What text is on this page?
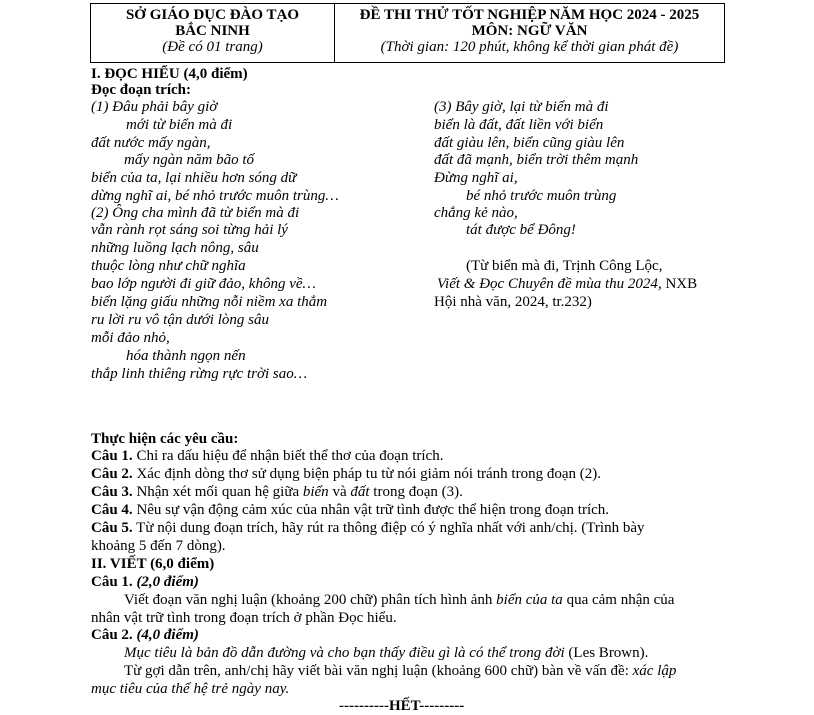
SỞ GIÁO DỤC ĐÀO TẠO
BẮC NINH
(Đề có 01 trang)
ĐỀ THI THỬ TỐT NGHIỆP NĂM HỌC 2024 - 2025
MÔN: NGỮ VĂN
(Thời gian: 120 phút, không kể thời gian phát đề)
I. ĐỌC HIỂU (4,0 điểm)
Đọc đoạn trích:
(1) Đâu phải bây giờ
mới từ biển mà đi
đất nước mấy ngàn,
mấy ngàn năm bão tố
biển của ta, lại nhiều hơn sóng dữ
dừng nghĩ ai, bé nhỏ trước muôn trùng…
(2) Ông cha mình đã từ biển mà đi
vẫn rành rọt sáng soi từng hải lý
những luồng lạch nông, sâu
thuộc lòng như chữ nghĩa
bao lớp người đi giữ đảo, không về…
biển lặng giấu những nỗi niềm xa thẳm
ru lời ru vô tận dưới lòng sâu
mỗi đảo nhỏ,
hóa thành ngọn nến
thắp linh thiêng rừng rực trời sao…
(3) Bây giờ, lại từ biển mà đi
biển là đất, đất liền với biển
đất giàu lên, biển cũng giàu lên
đất đã mạnh, biển trời thêm mạnh
Đừng nghĩ ai,
bé nhỏ trước muôn trùng
chẳng kẻ nào,
tát được bể Đông!
(Từ biển mà đi, Trịnh Công Lộc,
Viết & Đọc Chuyên đề mùa thu 2024, NXB
Hội nhà văn, 2024, tr.232)
Thực hiện các yêu cầu:
Câu 1. Chỉ ra dấu hiệu để nhận biết thể thơ của đoạn trích.
Câu 2. Xác định dòng thơ sử dụng biện pháp tu từ nói giảm nói tránh trong đoạn (2).
Câu 3. Nhận xét mối quan hệ giữa biển và đất trong đoạn (3).
Câu 4. Nêu sự vận động cảm xúc của nhân vật trữ tình được thể hiện trong đoạn trích.
Câu 5. Từ nội dung đoạn trích, hãy rút ra thông điệp có ý nghĩa nhất với anh/chị. (Trình bày
khoảng 5 đến 7 dòng).
II. VIẾT (6,0 điểm)
Câu 1. (2,0 điểm)
Viết đoạn văn nghị luận (khoảng 200 chữ) phân tích hình ảnh biển của ta qua cảm nhận của
nhân vật trữ tình trong đoạn trích ở phần Đọc hiểu.
Câu 2. (4,0 điểm)
Mục tiêu là bản đồ dẫn đường và cho bạn thấy điều gì là có thể trong đời (Les Brown).
Từ gợi dẫn trên, anh/chị hãy viết bài văn nghị luận (khoảng 600 chữ) bàn về vấn đề: xác lập
mục tiêu của thế hệ trẻ ngày nay.
----------HẾT---------
